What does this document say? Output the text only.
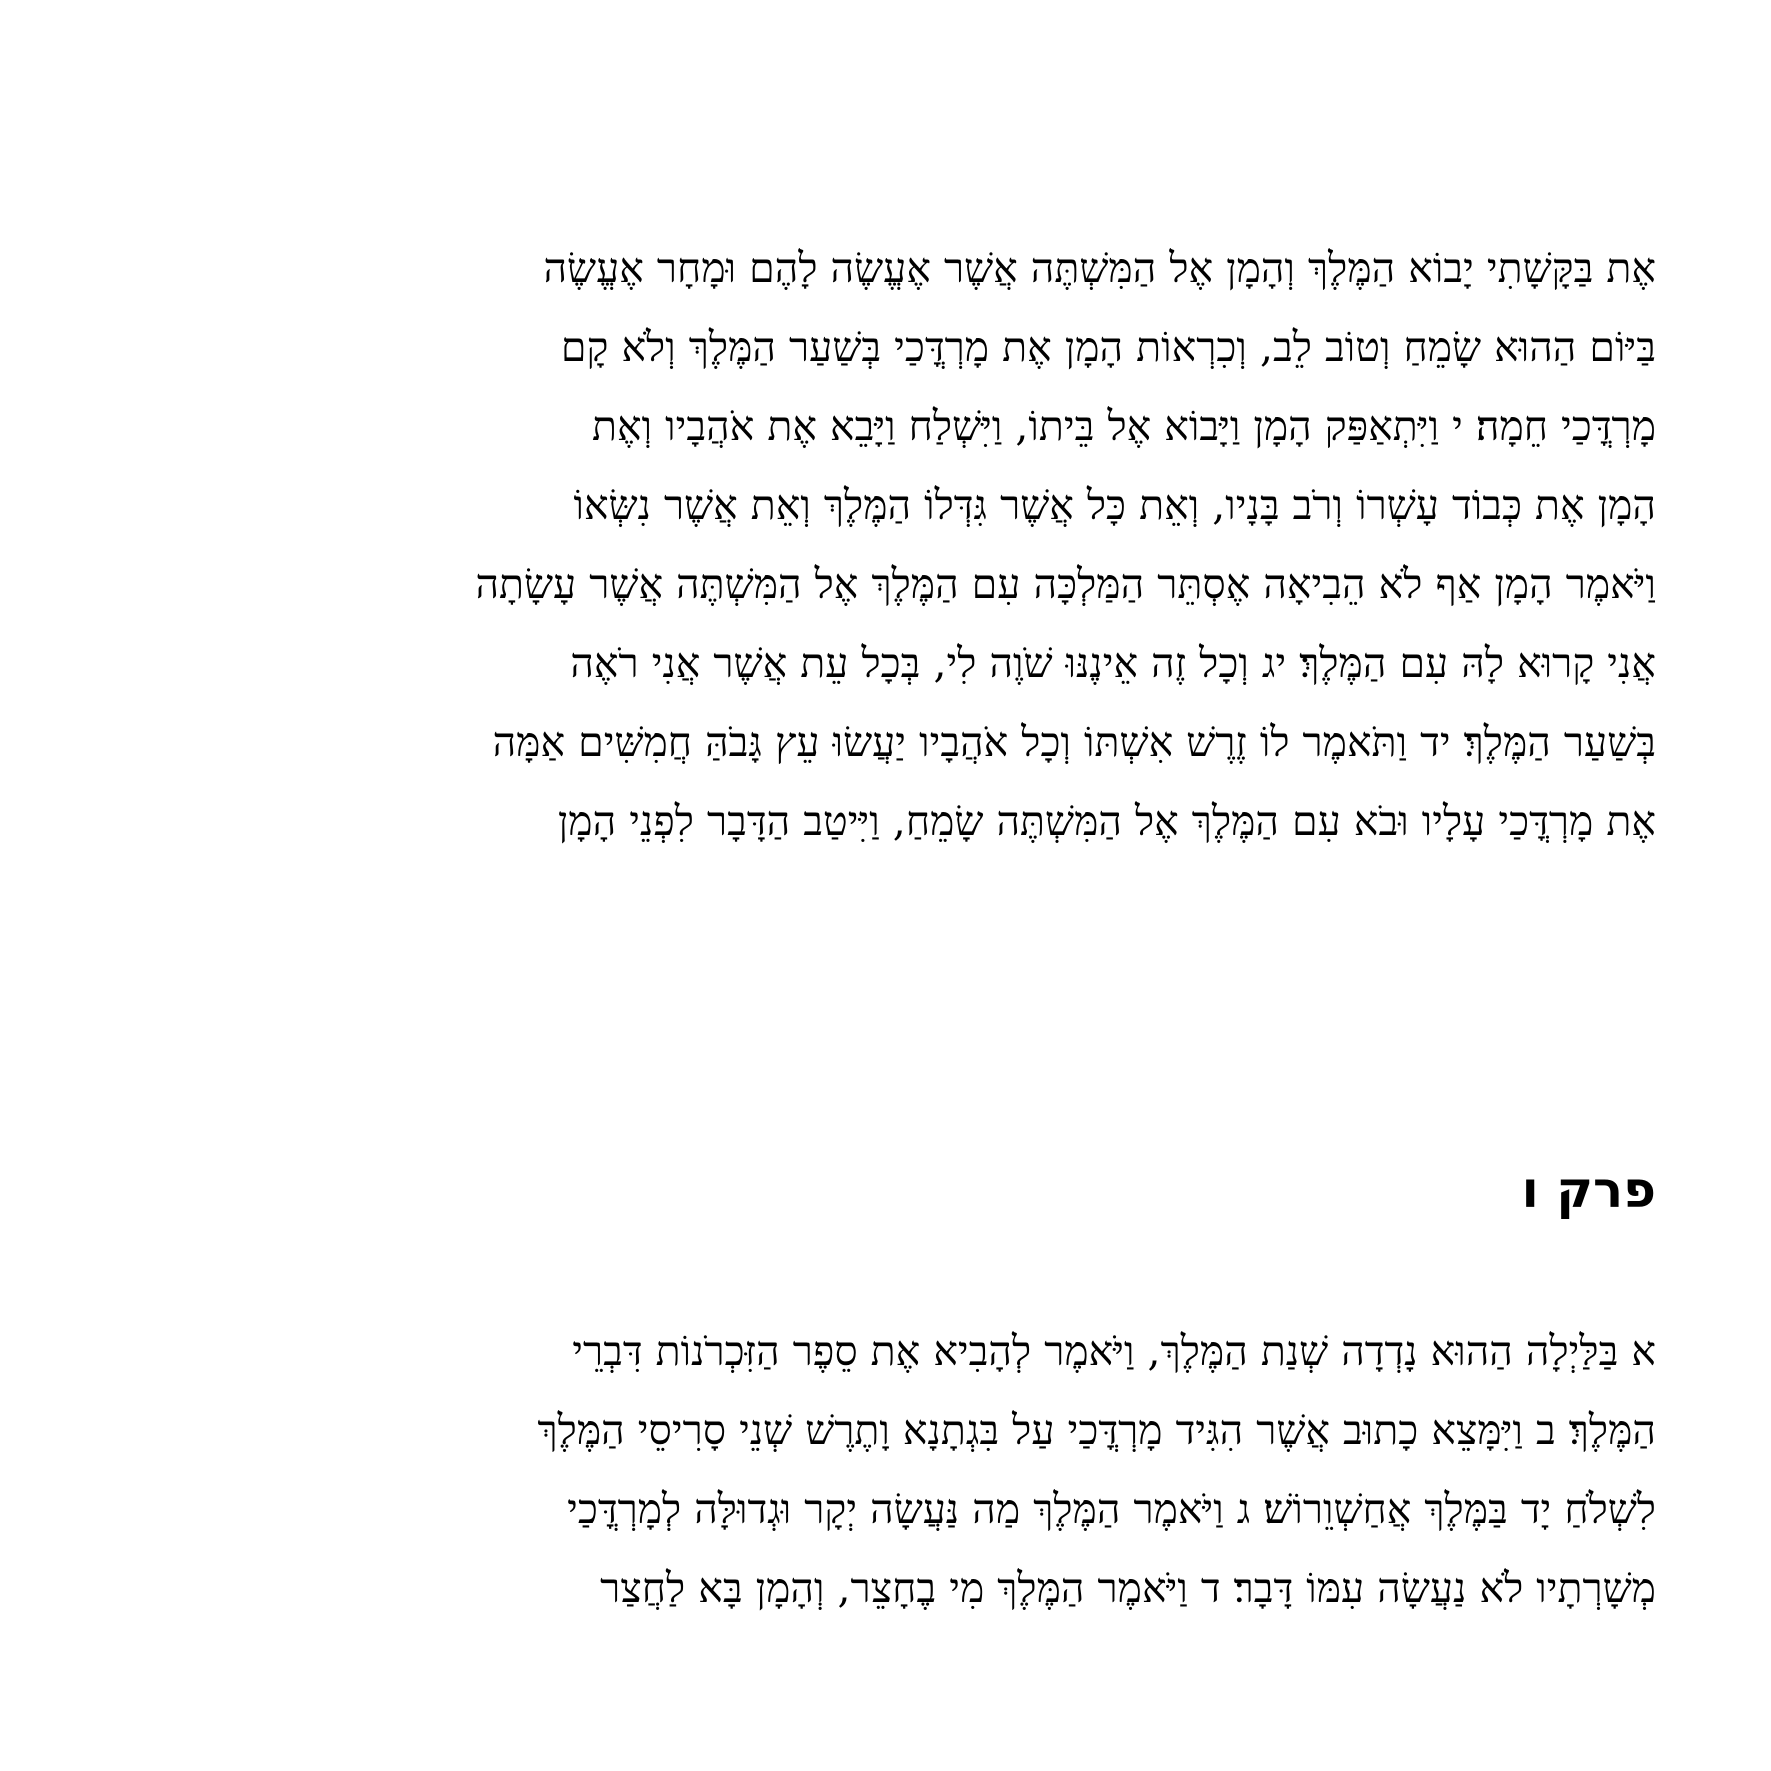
אֶת בַּקָּשָׁתִי יָבוֹא הַמֶּלֶךְ וְהָמָן אֶל הַמִּשְׁתֶּה אֲשֶׁר אֶעֱשֶׂה לָהֶם וּמָחָר אֶעֱשֶׂה
בַּיּוֹם הַהוּא שָׂמֵחַ וְטוֹב לֵב, וְכִרְאוֹת הָמָן אֶת מָרְדֳּכַי בְּשַׁעַר הַמֶּלֶךְ וְלֹא קָם
מָרְדֳּכַי חֵמָה׃ י וַיִּתְאַפַּק הָמָן וַיָּבוֹא אֶל בֵּיתוֹ, וַיִּשְׁלַח וַיָּבֵא אֶת אֹהֲבָיו וְאֶת
הָמָן אֶת כְּבוֹד עָשְׁרוֹ וְרֹב בָּנָיו, וְאֵת כָּל אֲשֶׁר גִּדְּלוֹ הַמֶּלֶךְ וְאֵת אֲשֶׁר נִשְּׂאוֹ
וַיֹּאמֶר הָמָן אַף לֹא הֵבִיאָה אֶסְתֵּר הַמַּלְכָּה עִם הַמֶּלֶךְ אֶל הַמִּשְׁתֶּה אֲשֶׁר עָשָׂתָה
אֲנִי קָרוּא לָהּ עִם הַמֶּלֶךְ׃ יג וְכָל זֶה אֵינֶנּוּ שֹׁוֶה לִי, בְּכָל עֵת אֲשֶׁר אֲנִי רֹאֶה
בְּשַׁעַר הַמֶּלֶךְ׃ יד וַתֹּאמֶר לוֹ זֶרֶשׁ אִשְׁתּוֹ וְכָל אֹהֲבָיו יַעֲשׂוּ עֵץ גָּבֹהַּ חֲמִשִּׁים אַמָּה
אֶת מָרְדֳּכַי עָלָיו וּבֹא עִם הַמֶּלֶךְ אֶל הַמִּשְׁתֶּה שָׂמֵחַ, וַיִּיטַב הַדָּבָר לִפְנֵי הָמָן
פרק ו
א בַּלַּיְלָה הַהוּא נָדְדָה שְׁנַת הַמֶּלֶךְ, וַיֹּאמֶר לְהָבִיא אֶת סֵפֶר הַזִּכְרֹנוֹת דִּבְרֵי
הַמֶּלֶךְ׃ ב וַיִּמָּצֵא כָתוּב אֲשֶׁר הִגִּיד מָרְדֳּכַי עַל בִּגְתָנָא וָתֶרֶשׁ שְׁנֵי סָרִיסֵי הַמֶּלֶךְ
לִשְׁלֹחַ יָד בַּמֶּלֶךְ אֲחַשְׁוֵרוֹשׁ׃ ג וַיֹּאמֶר הַמֶּלֶךְ מַה נַּעֲשָׂה יְקָר וּגְדוּלָּה לְמָרְדֳּכַי
מְשָׁרְתָיו לֹא נַעֲשָׂה עִמּוֹ דָּבָר׃ ד וַיֹּאמֶר הַמֶּלֶךְ מִי בֶחָצֵר, וְהָמָן בָּא לַחֲצַר
